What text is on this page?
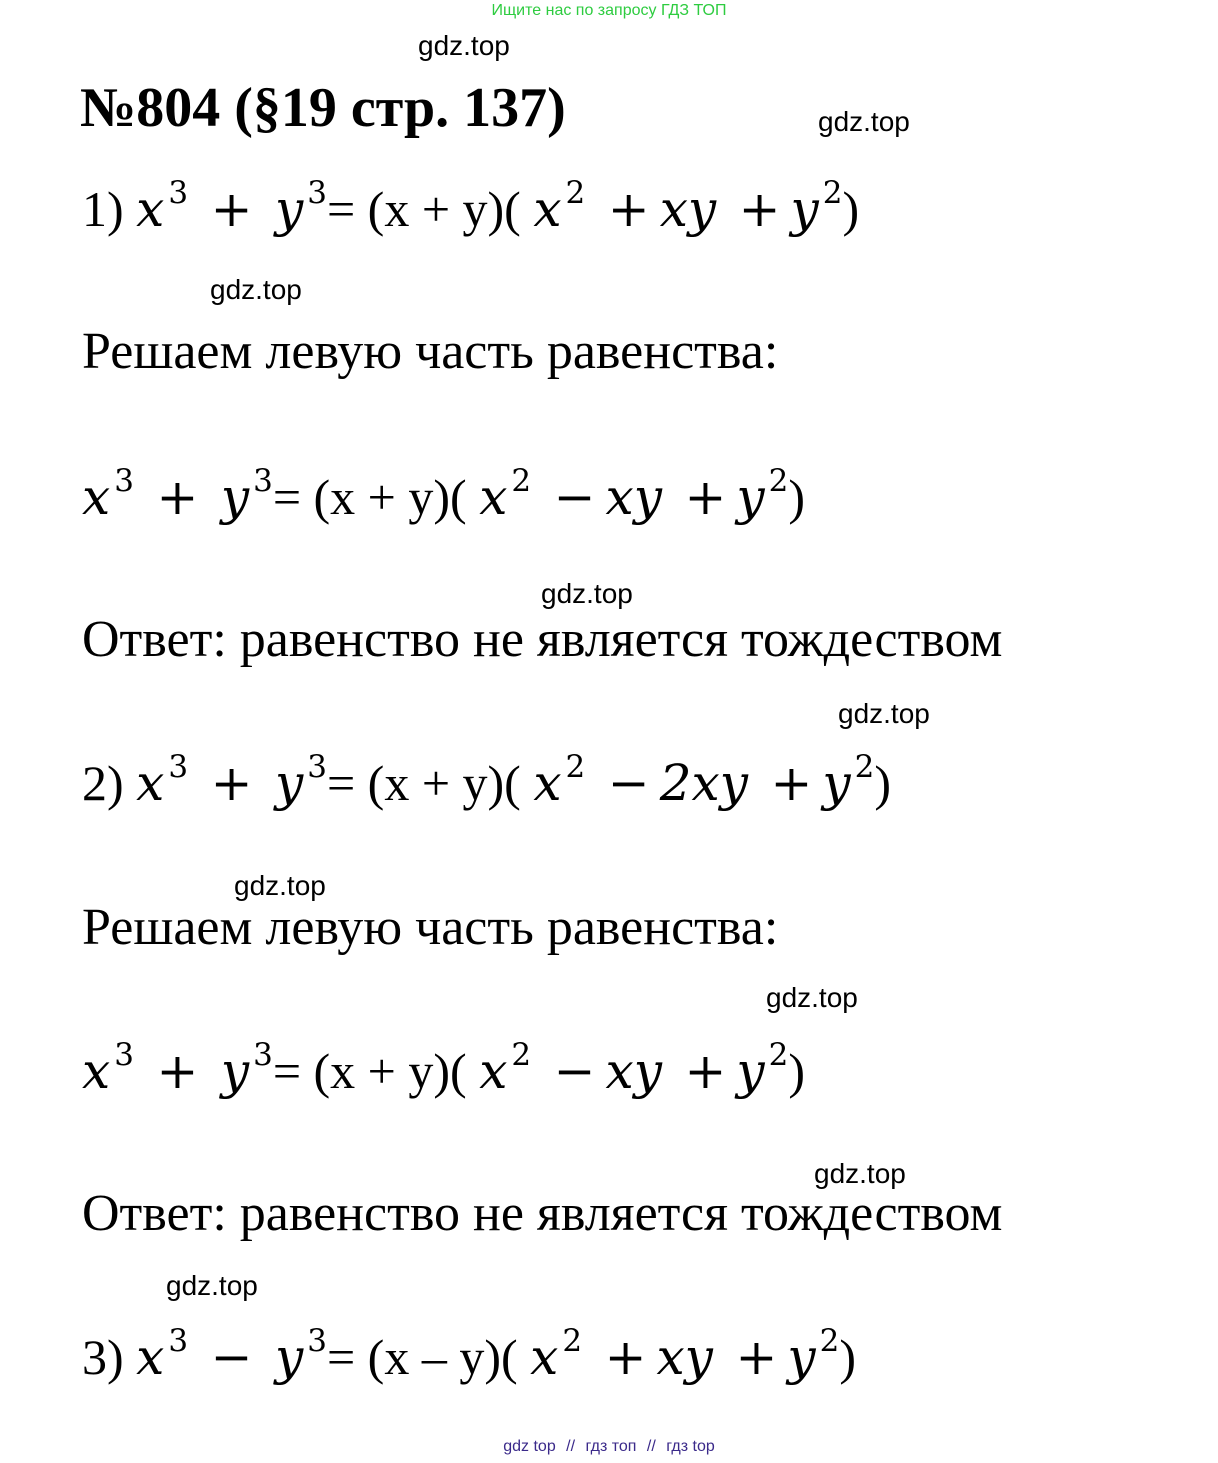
Ищите нас по запросу ГДЗ ТОП
gdz.top
№804 (§19 стр. 137)	gdz.top
1) x $^3$ + y $^3$= (x + y)( x $^2$ + xy + y $^2$)
gdz.top
Решаем левую часть равенства:
x $^3$ + y $^3$= (x + y)( x $^2$ − xy + y $^2$)
gdz.top
Ответ: равенство не является тождеством
gdz.top
2) x $^3$ + y $^3$= (x + y)( x $^2$ − 2xy + y $^2$)
gdz.top
Решаем левую часть равенства:
gdz.top
x $^3$ + y $^3$= (x + y)( x $^2$ − xy + y $^2$)
gdz.top
Ответ: равенство не является тождеством
gdz.top
3) x $^3$ − y $^3$= (x – y)( x $^2$ + xy + y $^2$)
gdz top // гдз топ // гдз top
